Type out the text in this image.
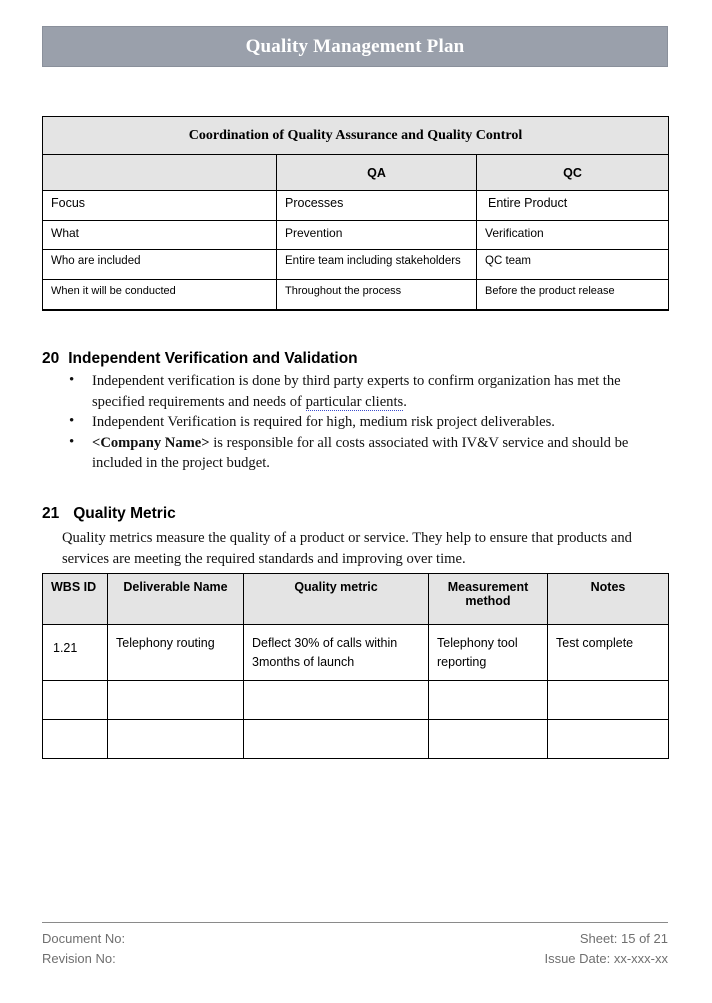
Quality Management Plan
Coordination of Quality Assurance and Quality Control		
	QA	QC
Focus	Processes	Entire Product
What	Prevention	Verification
Who are included	Entire team including stakeholders	QC team
When it will be conducted	Throughout the process	Before the product release
20 Independent Verification and Validation
• Independent verification is done by third party experts to confirm organization has met the specified requirements and needs of particular clients.
• Independent Verification is required for high, medium risk project deliverables.
• <Company Name> is responsible for all costs associated with IV&V service and should be included in the project budget.
21 Quality Metric

Quality metrics measure the quality of a product or service. They help to ensure that products and services are meeting the required standards and improving over time.

WBS ID	Deliverable Name	Quality metric	Measurement method	Notes
1.21	Telephony routing	Deflect 30% of calls within 3months of launch	Telephony tool reporting	Test complete

Document No:
Revision No:
Sheet: 15 of 21
Issue Date: xx-xxx-xx
